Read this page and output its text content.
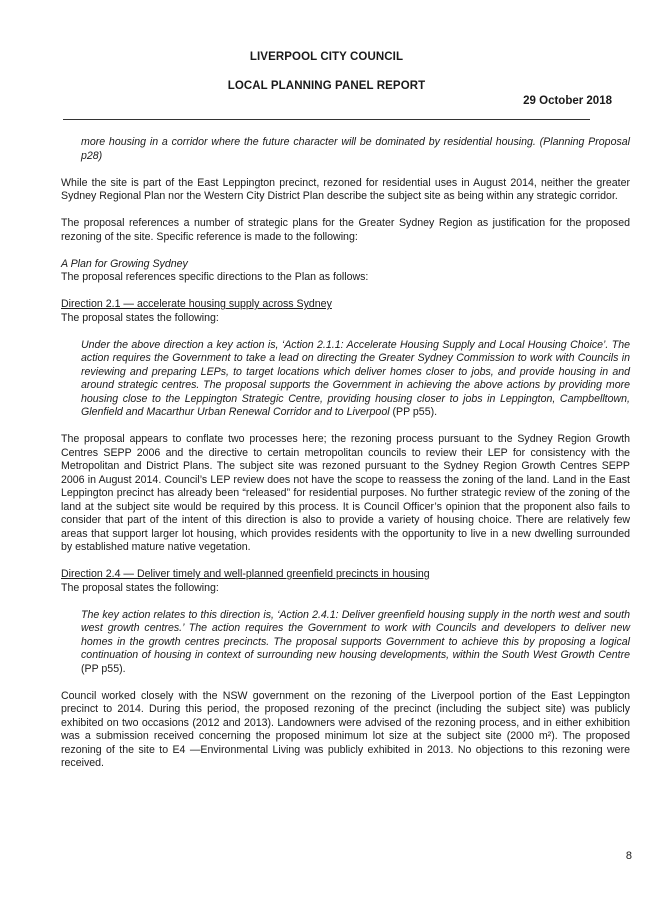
LIVERPOOL CITY COUNCIL
LOCAL PLANNING PANEL REPORT
29 October 2018

more housing in a corridor where the future character will be dominated by residential housing. (Planning Proposal p28)

While the site is part of the East Leppington precinct, rezoned for residential uses in August 2014, neither the greater Sydney Regional Plan nor the Western City District Plan describe the subject site as being within any strategic corridor.

The proposal references a number of strategic plans for the Greater Sydney Region as justification for the proposed rezoning of the site. Specific reference is made to the following:

A Plan for Growing Sydney

The proposal references specific directions to the Plan as follows:

Direction 2.1 — accelerate housing supply across Sydney

The proposal states the following:

Under the above direction a key action is, ‘Action 2.1.1: Accelerate Housing Supply and Local Housing Choice’. The action requires the Government to take a lead on directing the Greater Sydney Commission to work with Councils in reviewing and preparing LEPs, to target locations which deliver homes closer to jobs, and provide housing in and around strategic centres. The proposal supports the Government in achieving the above actions by providing more housing close to the Leppington Strategic Centre, providing housing closer to jobs in Leppington, Campbelltown, Glenfield and Macarthur Urban Renewal Corridor and to Liverpool (PP p55).

The proposal appears to conflate two processes here; the rezoning process pursuant to the Sydney Region Growth Centres SEPP 2006 and the directive to certain metropolitan councils to review their LEP for consistency with the Metropolitan and District Plans. The subject site was rezoned pursuant to the Sydney Region Growth Centres SEPP 2006 in August 2014. Council’s LEP review does not have the scope to reassess the zoning of the land. Land in the East Leppington precinct has already been “released” for residential purposes. No further strategic review of the zoning of the land at the subject site would be required by this process. It is Council Officer’s opinion that the proponent also fails to consider that part of the intent of this direction is also to provide a variety of housing choice. There are relatively few areas that support larger lot housing, which provides residents with the opportunity to live in a new dwelling surrounded by established mature native vegetation.

Direction 2.4 — Deliver timely and well-planned greenfield precincts in housing

The proposal states the following:

The key action relates to this direction is, ‘Action 2.4.1: Deliver greenfield housing supply in the north west and south west growth centres.’ The action requires the Government to work with Councils and developers to deliver new homes in the growth centres precincts. The proposal supports Government to achieve this by proposing a logical continuation of housing in context of surrounding new housing developments, within the South West Growth Centre (PP p55).

Council worked closely with the NSW government on the rezoning of the Liverpool portion of the East Leppington precinct to 2014. During this period, the proposed rezoning of the precinct (including the subject site) was publicly exhibited on two occasions (2012 and 2013). Landowners were advised of the rezoning process, and in either exhibition was a submission received concerning the proposed minimum lot size at the subject site (2000 m²). The proposed rezoning of the site to E4 —Environmental Living was publicly exhibited in 2013. No objections to this rezoning were received.

8
